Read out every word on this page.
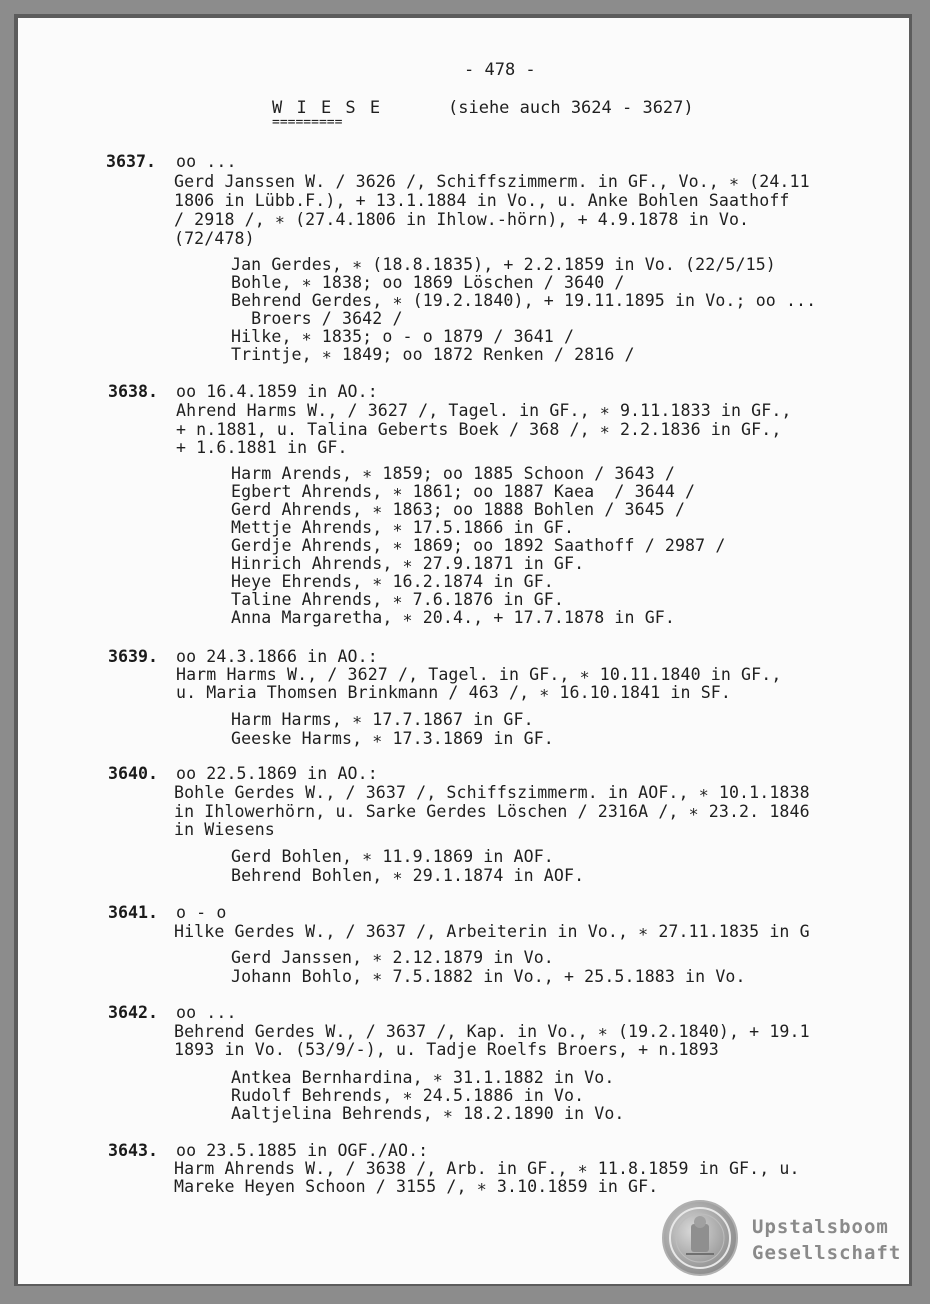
- 478 -
W I E S E
=========
(siehe auch 3624 - 3627)
3637. oo ...
Gerd Janssen W. / 3626 /, Schiffszimmerm. in GF., Vo., ∗ (24.11
1806 in Lübb.F.), + 13.1.1884 in Vo., u. Anke Bohlen Saathoff
/ 2918 /, ∗ (27.4.1806 in Ihlow.-hörn), + 4.9.1878 in Vo.
(72/478)
Jan Gerdes, ∗ (18.8.1835), + 2.2.1859 in Vo. (22/5/15)
Bohle, ∗ 1838; oo 1869 Löschen / 3640 /
Behrend Gerdes, ∗ (19.2.1840), + 19.11.1895 in Vo.; oo ...
Broers / 3642 /
Hilke, ∗ 1835; o - o 1879 / 3641 /
Trintje, ∗ 1849; oo 1872 Renken / 2816 /
3638. oo 16.4.1859 in AO.:
Ahrend Harms W., / 3627 /, Tagel. in GF., ∗ 9.11.1833 in GF.,
+ n.1881, u. Talina Geberts Boek / 368 /, ∗ 2.2.1836 in GF.,
+ 1.6.1881 in GF.
Harm Arends, ∗ 1859; oo 1885 Schoon / 3643 /
Egbert Ahrends, ∗ 1861; oo 1887 Kaea  / 3644 /
Gerd Ahrends, ∗ 1863; oo 1888 Bohlen / 3645 /
Mettje Ahrends, ∗ 17.5.1866 in GF.
Gerdje Ahrends, ∗ 1869; oo 1892 Saathoff / 2987 /
Hinrich Ahrends, ∗ 27.9.1871 in GF.
Heye Ehrends, ∗ 16.2.1874 in GF.
Taline Ahrends, ∗ 7.6.1876 in GF.
Anna Margaretha, ∗ 20.4., + 17.7.1878 in GF.
3639. oo 24.3.1866 in AO.:
Harm Harms W., / 3627 /, Tagel. in GF., ∗ 10.11.1840 in GF.,
u. Maria Thomsen Brinkmann / 463 /, ∗ 16.10.1841 in SF.
Harm Harms, ∗ 17.7.1867 in GF.
Geeske Harms, ∗ 17.3.1869 in GF.
3640. oo 22.5.1869 in AO.:
Bohle Gerdes W., / 3637 /, Schiffszimmerm. in AOF., ∗ 10.1.1838
in Ihlowerhörn, u. Sarke Gerdes Löschen / 2316A /, ∗ 23.2. 1846
in Wiesens
Gerd Bohlen, ∗ 11.9.1869 in AOF.
Behrend Bohlen, ∗ 29.1.1874 in AOF.
3641. o - o
Hilke Gerdes W., / 3637 /, Arbeiterin in Vo., ∗ 27.11.1835 in G
Gerd Janssen, ∗ 2.12.1879 in Vo.
Johann Bohlo, ∗ 7.5.1882 in Vo., + 25.5.1883 in Vo.
3642. oo ...
Behrend Gerdes W., / 3637 /, Kap. in Vo., ∗ (19.2.1840), + 19.1
1893 in Vo. (53/9/-), u. Tadje Roelfs Broers, + n.1893
Antkea Bernhardina, ∗ 31.1.1882 in Vo.
Rudolf Behrends, ∗ 24.5.1886 in Vo.
Aaltjelina Behrends, ∗ 18.2.1890 in Vo.
3643. oo 23.5.1885 in OGF./AO.:
Harm Ahrends W., / 3638 /, Arb. in GF., ∗ 11.8.1859 in GF., u.
Mareke Heyen Schoon / 3155 /, ∗ 3.10.1859 in GF.
Upstalsboom
Gesellschaft
